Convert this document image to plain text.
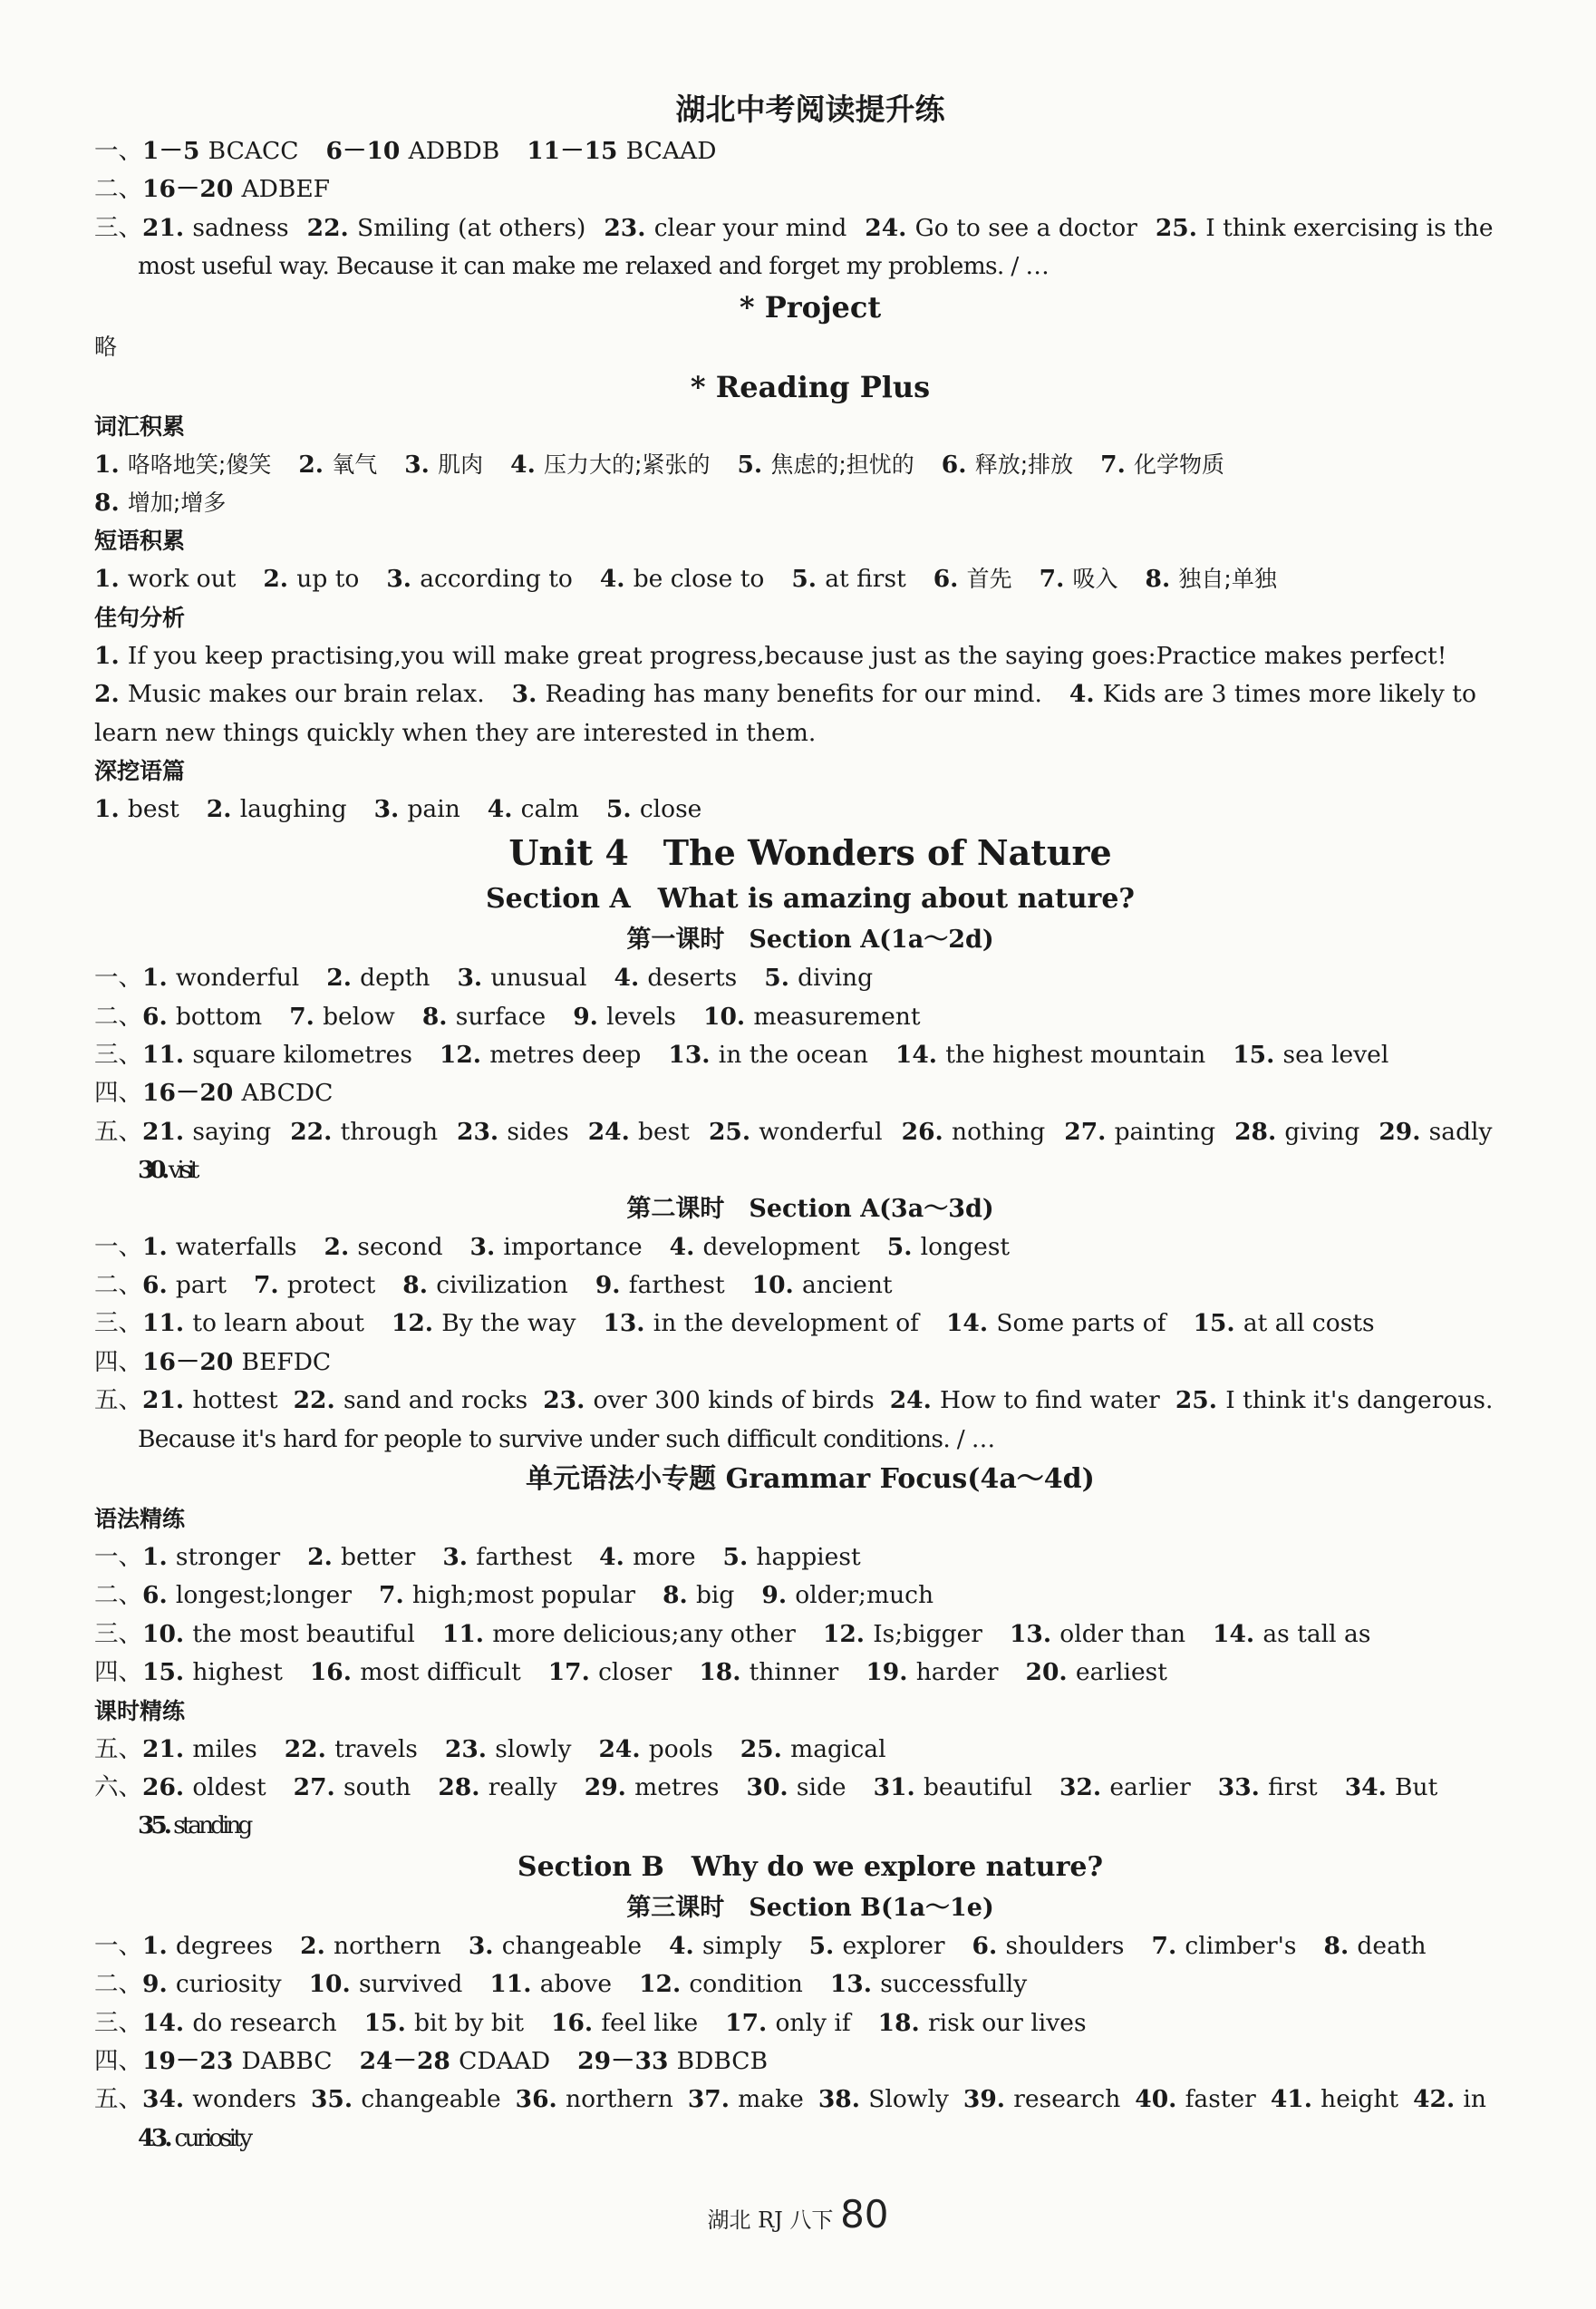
湖北中考阅读提升练
一、1－5 BCACC 6－10 ADBDB 11－15 BCAAD
二、16－20 ADBEF
三、21. sadness 22. Smiling (at others) 23. clear your mind 24. Go to see a doctor 25. I think exercising is the
most useful way. Because it can make me relaxed and forget my problems. / …
* Project
略
* Reading Plus
词汇积累
1. 咯咯地笑;傻笑 2. 氧气 3. 肌肉 4. 压力大的;紧张的 5. 焦虑的;担忧的 6. 释放;排放 7. 化学物质
8. 增加;增多
短语积累
1. work out 2. up to 3. according to 4. be close to 5. at first 6. 首先 7. 吸入 8. 独自;单独
佳句分析
1. If you keep practising,you will make great progress,because just as the saying goes:Practice makes perfect!
2. Music makes our brain relax. 3. Reading has many benefits for our mind. 4. Kids are 3 times more likely to
learn new things quickly when they are interested in them.
深挖语篇
1. best 2. laughing 3. pain 4. calm 5. close
Unit 4　The Wonders of Nature
Section A　What is amazing about nature?
第一课时　 Section A(1a～2d)
一、1. wonderful 2. depth 3. unusual 4. deserts 5. diving
二、6. bottom 7. below 8. surface 9. levels 10. measurement
三、11. square kilometres 12. metres deep 13. in the ocean 14. the highest mountain 15. sea level
四、16－20 ABCDC
五、21. saying 22. through 23. sides 24. best 25. wonderful 26. nothing 27. painting 28. giving 29. sadly
30. visit
第二课时　 Section A(3a～3d)
一、1. waterfalls 2. second 3. importance 4. development 5. longest
二、6. part 7. protect 8. civilization 9. farthest 10. ancient
三、11. to learn about 12. By the way 13. in the development of 14. Some parts of 15. at all costs
四、16－20 BEFDC
五、21. hottest 22. sand and rocks 23. over 300 kinds of birds 24. How to find water 25. I think it's dangerous.
Because it's hard for people to survive under such difficult conditions. / …
单元语法小专题 Grammar Focus(4a～4d)
语法精练
一、1. stronger 2. better 3. farthest 4. more 5. happiest
二、6. longest;longer 7. high;most popular 8. big 9. older;much
三、10. the most beautiful 11. more delicious;any other 12. Is;bigger 13. older than 14. as tall as
四、15. highest 16. most difficult 17. closer 18. thinner 19. harder 20. earliest
课时精练
五、21. miles 22. travels 23. slowly 24. pools 25. magical
六、26. oldest 27. south 28. really 29. metres 30. side 31. beautiful 32. earlier 33. first 34. But
35. standing
Section B　Why do we explore nature?
第三课时　 Section B(1a～1e)
一、1. degrees 2. northern 3. changeable 4. simply 5. explorer 6. shoulders 7. climber's 8. death
二、9. curiosity 10. survived 11. above 12. condition 13. successfully
三、14. do research 15. bit by bit 16. feel like 17. only if 18. risk our lives
四、19－23 DABBC 24－28 CDAAD 29－33 BDBCB
五、34. wonders 35. changeable 36. northern 37. make 38. Slowly 39. research 40. faster 41. height 42. in
43. curiosity
湖北 RJ 八下 80
